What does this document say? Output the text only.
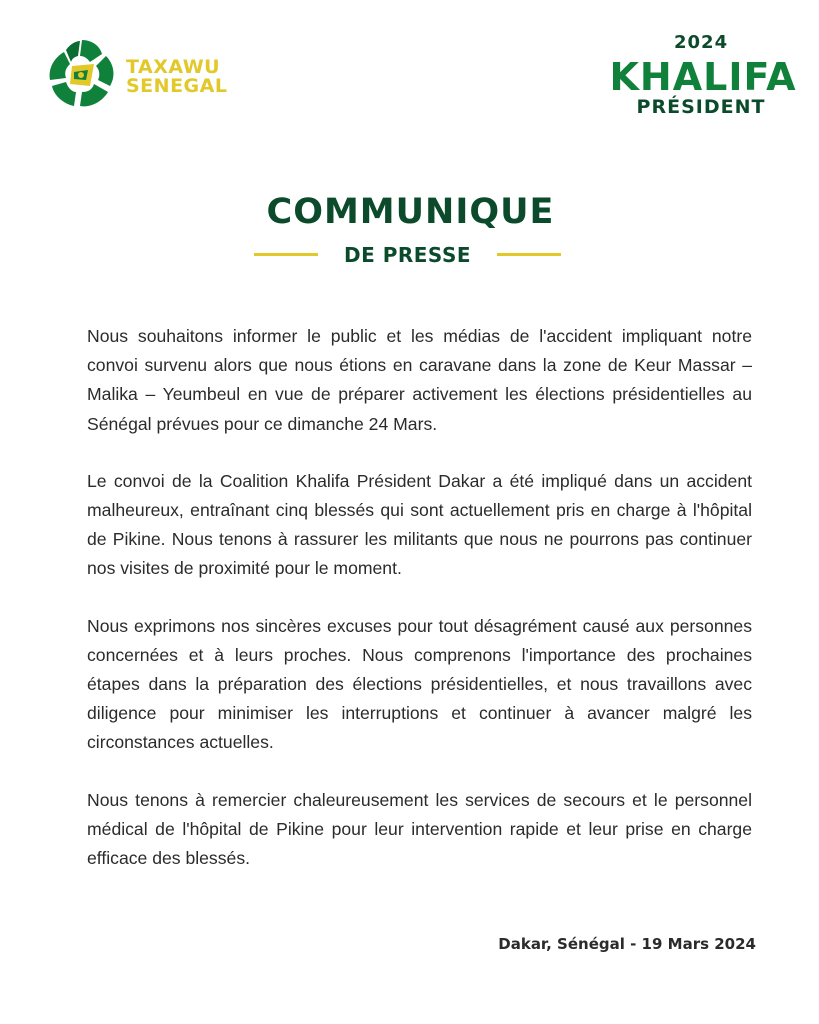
TAXAWU
SENEGAL
2024
KHALIFA
PRÉSIDENT
COMMUNIQUE
DE PRESSE

Nous souhaitons informer le public et les médias de l'accident impliquant notre convoi survenu alors que nous étions en caravane dans la zone de Keur Massar – Malika – Yeumbeul en vue de préparer activement les élections présidentielles au Sénégal prévues pour ce dimanche 24 Mars.

Le convoi de la Coalition Khalifa Président Dakar a été impliqué dans un accident malheureux, entraînant cinq blessés qui sont actuellement pris en charge à l'hôpital de Pikine. Nous tenons à rassurer les militants que nous ne pourrons pas continuer nos visites de proximité pour le moment.

Nous exprimons nos sincères excuses pour tout désagrément causé aux personnes concernées et à leurs proches. Nous comprenons l'importance des prochaines étapes dans la préparation des élections présidentielles, et nous travaillons avec diligence pour minimiser les interruptions et continuer à avancer malgré les circonstances actuelles.

Nous tenons à remercier chaleureusement les services de secours et le personnel médical de l'hôpital de Pikine pour leur intervention rapide et leur prise en charge efficace des blessés.

Dakar, Sénégal - 19 Mars 2024
